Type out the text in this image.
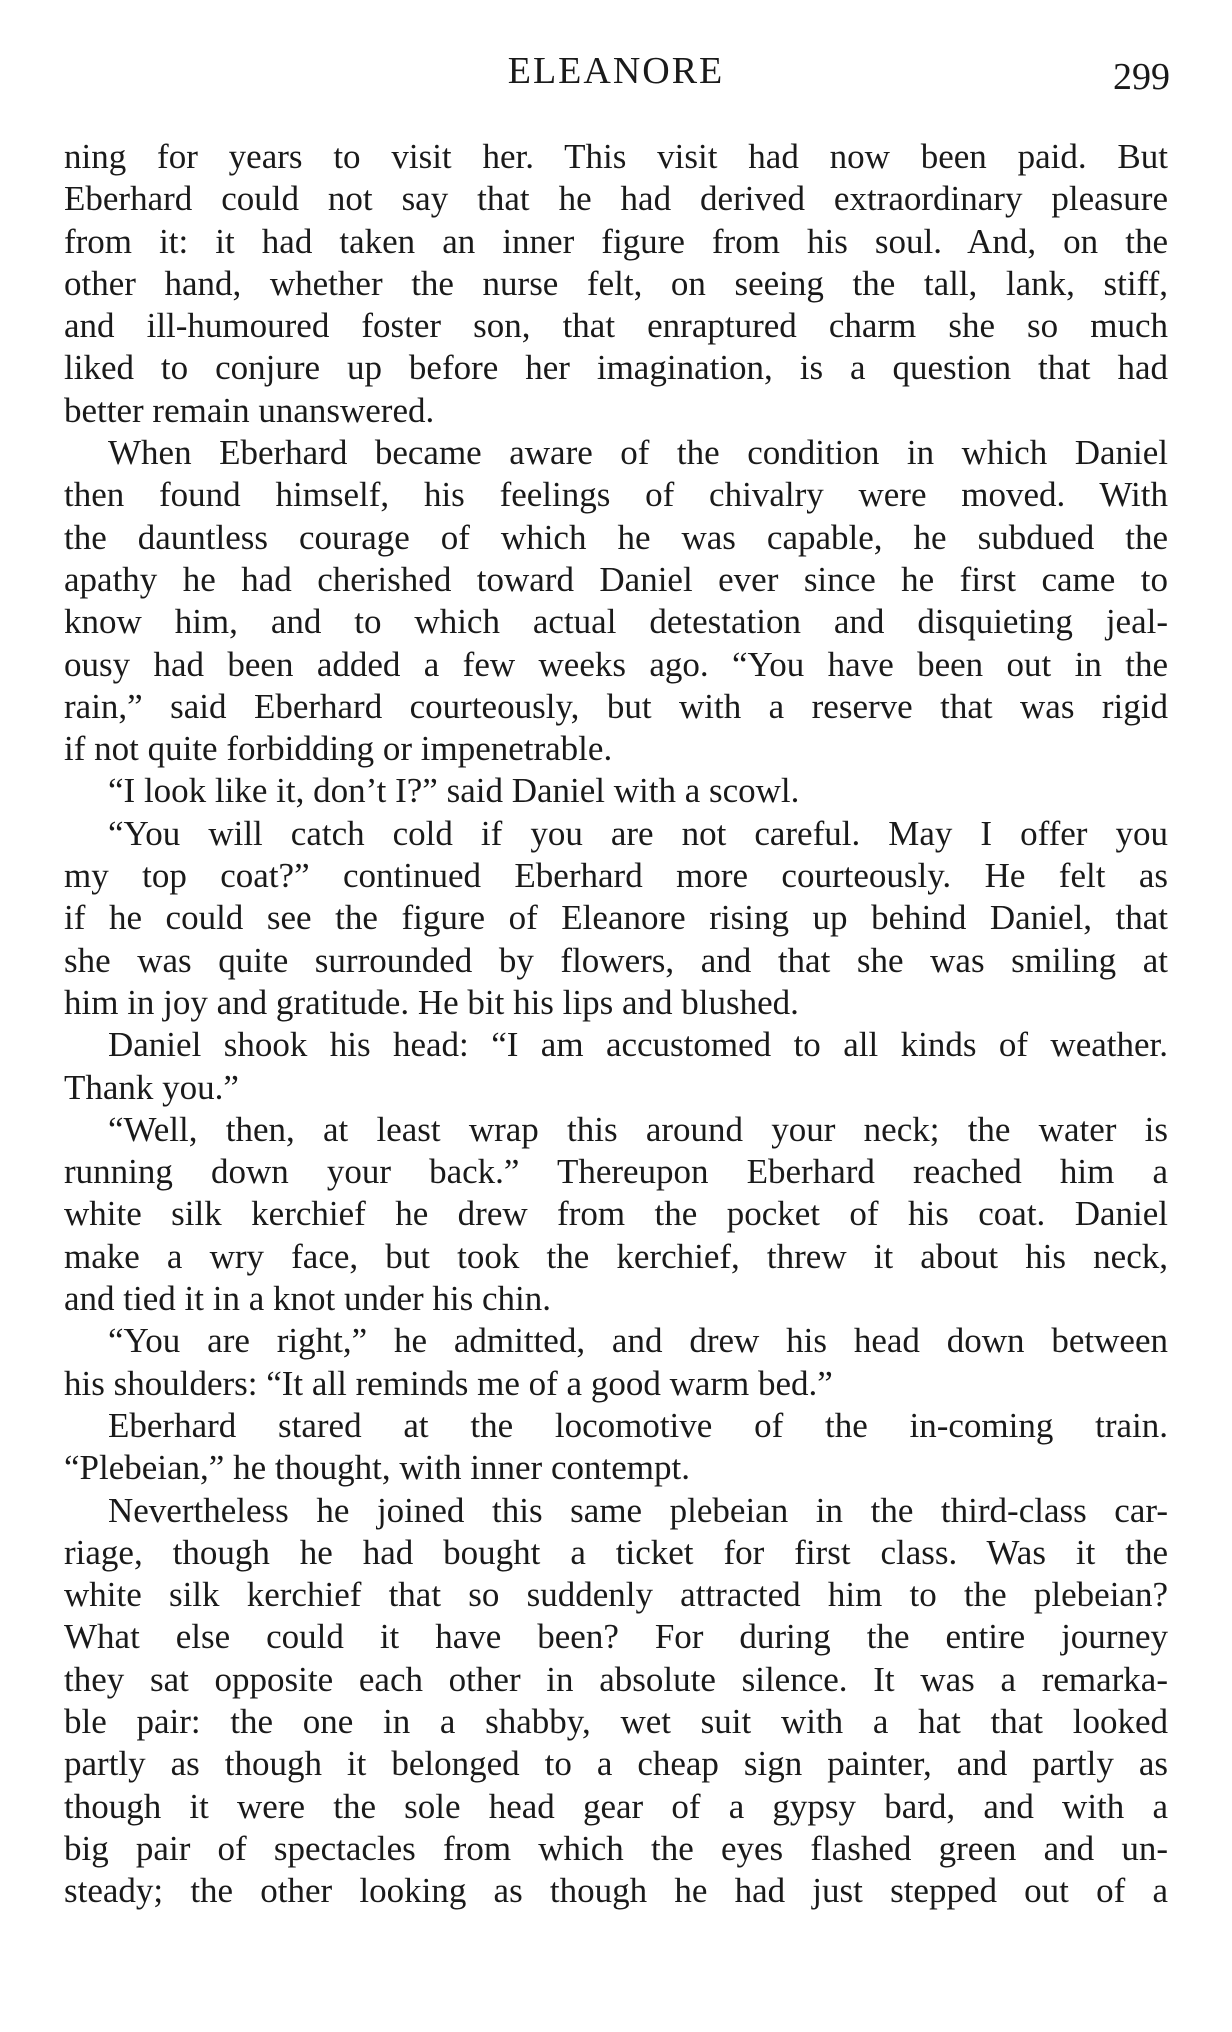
ELEANORE	299
ning for years to visit her. This visit had now been paid. But
Eberhard could not say that he had derived extraordinary pleasure
from it: it had taken an inner figure from his soul. And, on the
other hand, whether the nurse felt, on seeing the tall, lank, stiff,
and ill-humoured foster son, that enraptured charm she so much
liked to conjure up before her imagination, is a question that had
better remain unanswered.
When Eberhard became aware of the condition in which Daniel
then found himself, his feelings of chivalry were moved. With
the dauntless courage of which he was capable, he subdued the
apathy he had cherished toward Daniel ever since he first came to
know him, and to which actual detestation and disquieting jeal-
ousy had been added a few weeks ago. “You have been out in the
rain,” said Eberhard courteously, but with a reserve that was rigid
if not quite forbidding or impenetrable.
“I look like it, don’t I?” said Daniel with a scowl.
“You will catch cold if you are not careful. May I offer you
my top coat?” continued Eberhard more courteously. He felt as
if he could see the figure of Eleanore rising up behind Daniel, that
she was quite surrounded by flowers, and that she was smiling at
him in joy and gratitude. He bit his lips and blushed.
Daniel shook his head: “I am accustomed to all kinds of weather.
Thank you.”
“Well, then, at least wrap this around your neck; the water is
running down your back.” Thereupon Eberhard reached him a
white silk kerchief he drew from the pocket of his coat. Daniel
make a wry face, but took the kerchief, threw it about his neck,
and tied it in a knot under his chin.
“You are right,” he admitted, and drew his head down between
his shoulders: “It all reminds me of a good warm bed.”
Eberhard stared at the locomotive of the in-coming train.
“Plebeian,” he thought, with inner contempt.
Nevertheless he joined this same plebeian in the third-class car-
riage, though he had bought a ticket for first class. Was it the
white silk kerchief that so suddenly attracted him to the plebeian?
What else could it have been? For during the entire journey
they sat opposite each other in absolute silence. It was a remarka-
ble pair: the one in a shabby, wet suit with a hat that looked
partly as though it belonged to a cheap sign painter, and partly as
though it were the sole head gear of a gypsy bard, and with a
big pair of spectacles from which the eyes flashed green and un-
steady; the other looking as though he had just stepped out of a
